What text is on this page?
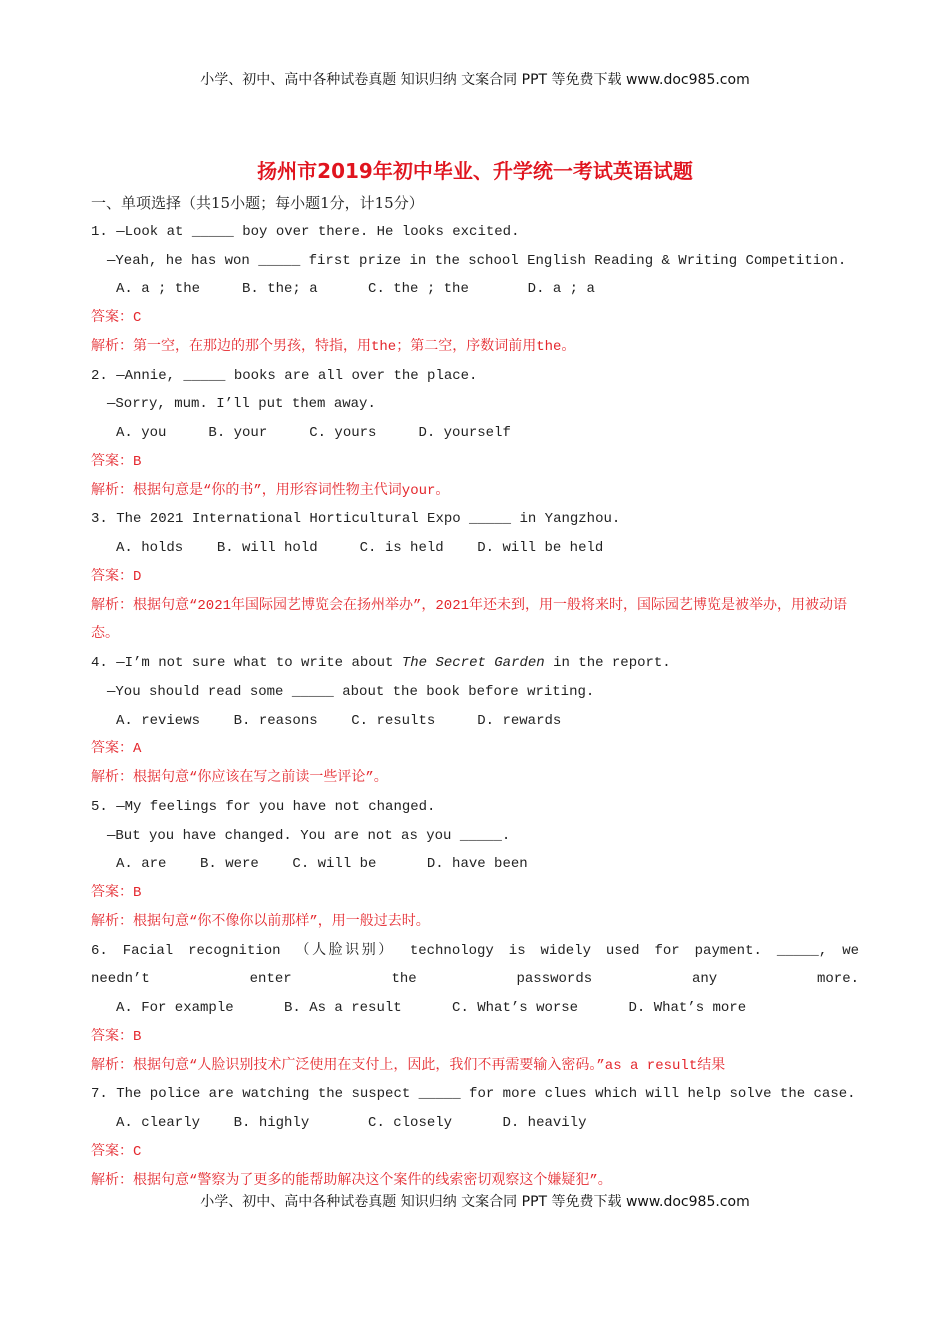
小学、初中、高中各种试卷真题 知识归纳 文案合同 PPT 等免费下载 www.doc985.com
扬州市2019年初中毕业、升学统一考试英语试题
一、单项选择（共15小题；每小题1分，计15分）
1. —Look at _____ boy over there. He looks excited.
—Yeah, he has won _____ first prize in the school English Reading & Writing Competition.
A. a ; the     B. the; a      C. the ; the       D. a ; a
答案：C
解析：第一空，在那边的那个男孩，特指，用the；第二空，序数词前用the。
2. —Annie, _____ books are all over the place.
—Sorry, mum. I’ll put them away.
A. you     B. your     C. yours     D. yourself
答案：B
解析：根据句意是“你的书”，用形容词性物主代词your。
3. The 2021 International Horticultural Expo _____ in Yangzhou.
A. holds    B. will hold     C. is held    D. will be held
答案：D
解析：根据句意“2021年国际园艺博览会在扬州举办”，2021年还未到，用一般将来时，国际园艺博览是被举办，用被动语态。
4. —I’m not sure what to write about The Secret Garden in the report.
—You should read some _____ about the book before writing.
A. reviews    B. reasons    C. results     D. rewards
答案：A
解析：根据句意“你应该在写之前读一些评论”。
5. —My feelings for you have not changed.
—But you have changed. You are not as you _____.
A. are    B. were    C. will be      D. have been
答案：B
解析：根据句意“你不像你以前那样”，用一般过去时。
6. Facial recognition （人脸识别） technology is widely used for payment. _____, we needn’t enter the passwords any more.
A. For example      B. As a result      C. What’s worse      D. What’s more
答案：B
解析：根据句意“人脸识别技术广泛使用在支付上，因此，我们不再需要输入密码。”as a result结果
7. The police are watching the suspect _____ for more clues which will help solve the case.
A. clearly    B. highly       C. closely      D. heavily
答案：C
解析：根据句意“警察为了更多的能帮助解决这个案件的线索密切观察这个嫌疑犯”。
小学、初中、高中各种试卷真题 知识归纳 文案合同 PPT 等免费下载 www.doc985.com
